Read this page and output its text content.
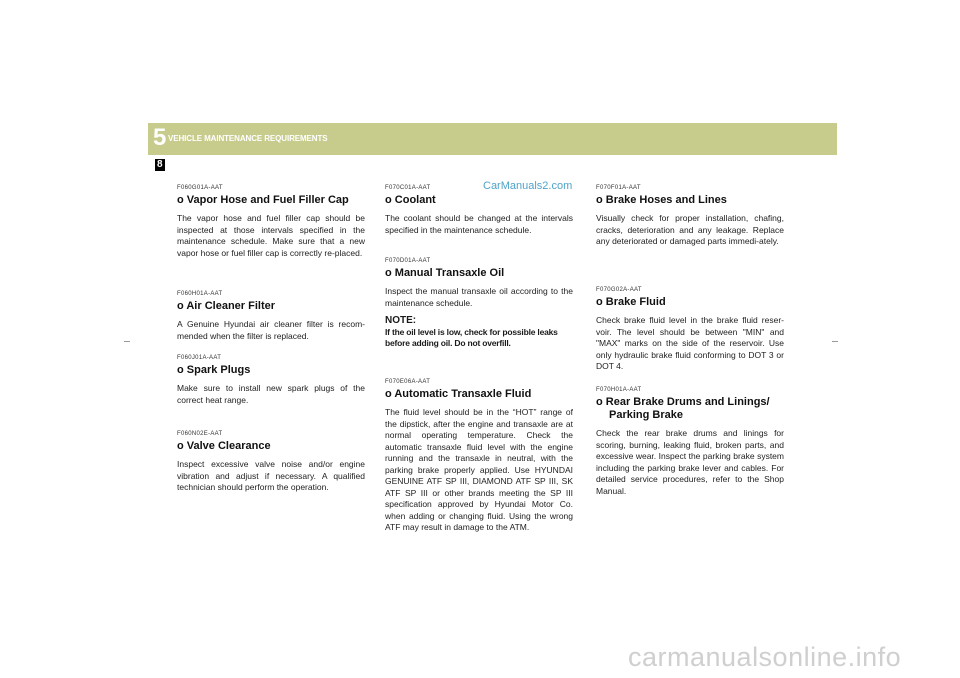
5 VEHICLE MAINTENANCE REQUIREMENTS
8
CarManuals2.com
F060G01A-AAT
o Vapor Hose and Fuel Filler Cap

The vapor hose and fuel filler cap should be inspected at those intervals specified in the maintenance schedule. Make sure that a new vapor hose or fuel filler cap is correctly re-placed.

F060H01A-AAT
o Air Cleaner Filter

A Genuine Hyundai air cleaner filter is recom-mended when the filter is replaced.

F060J01A-AAT
o Spark Plugs

Make sure to install new spark plugs of the correct heat range.

F060N02E-AAT
o Valve Clearance

Inspect excessive valve noise and/or engine vibration and adjust if necessary. A qualified technician should perform the operation.

F070C01A-AAT
o Coolant

The coolant should be changed at the intervals specified in the maintenance schedule.

F070D01A-AAT
o Manual Transaxle Oil

Inspect the manual transaxle oil according to the maintenance schedule.

NOTE:

If the oil level is low, check for possible leaks before adding oil. Do not overfill.

F070E06A-AAT
o Automatic Transaxle Fluid

The fluid level should be in the “HOT” range of the dipstick, after the engine and transaxle are at normal operating temperature. Check the automatic transaxle fluid level with the engine running and the transaxle in neutral, with the parking brake properly applied. Use HYUNDAI GENUINE ATF SP III, DIAMOND ATF SP III, SK ATF SP III or other brands meeting the SP III specification approved by Hyundai Motor Co. when adding or changing fluid. Using the wrong ATF may result in damage to the ATM.

F070F01A-AAT
o Brake Hoses and Lines

Visually check for proper installation, chafing, cracks, deterioration and any leakage. Replace any deteriorated or damaged parts immedi-ately.

F070G02A-AAT
o Brake Fluid

Check brake fluid level in the brake fluid reser-voir. The level should be between "MIN" and "MAX" marks on the side of the reservoir. Use only hydraulic brake fluid conforming to DOT 3 or DOT 4.

F070H01A-AAT
o Rear Brake Drums and Linings/
Parking Brake

Check the rear brake drums and linings for scoring, burning, leaking fluid, broken parts, and excessive wear. Inspect the parking brake system including the parking brake lever and cables. For detailed service procedures, refer to the Shop Manual.

carmanualsonline.info
